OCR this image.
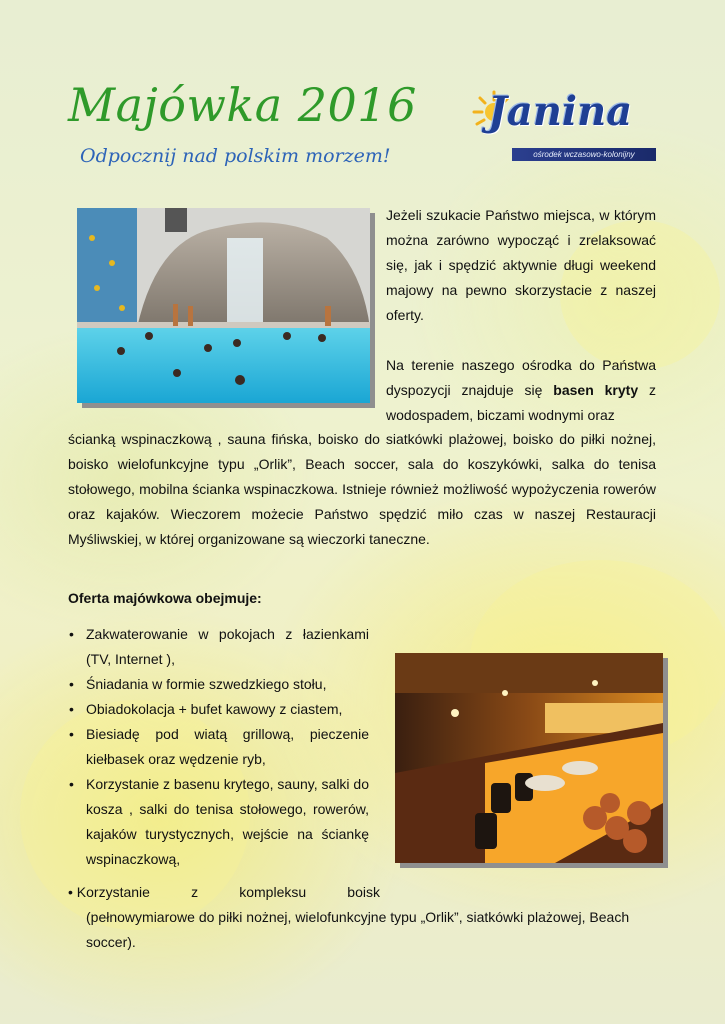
Majówka 2016
Odpocznij nad polskim morzem!
Janina
ośrodek wczasowo-kolonijny
Jeżeli szukacie Państwo miejsca, w którym można zarówno wypocząć i zrelaksować się, jak i spędzić aktywnie długi weekend majowy na pewno skorzystacie z naszej oferty.
Na terenie naszego ośrodka do Państwa dyspozycji znajduje się basen kryty z wodospadem, biczami wodnymi oraz
ścianką wspinaczkową , sauna fińska, boisko do siatkówki plażowej, boisko do piłki nożnej, boisko wielofunkcyjne typu „Orlik”, Beach soccer, sala do koszykówki, salka do tenisa stołowego, mobilna ścianka wspinaczkowa. Istnieje również możliwość wypożyczenia rowerów oraz kajaków. Wieczorem możecie Państwo spędzić miło czas w naszej Restauracji Myśliwskiej, w której organizowane są wieczorki taneczne.
Oferta majówkowa obejmuje:
• Zakwaterowanie w pokojach z łazienkami (TV, Internet ),
• Śniadania w formie szwedzkiego stołu,
• Obiadokolacja + bufet kawowy z ciastem,
• Biesiadę pod wiatą grillową, pieczenie kiełbasek oraz wędzenie ryb,
• Korzystanie z basenu krytego, sauny, salki do kosza , salki do tenisa stołowego, rowerów, kajaków turystycznych, wejście na ściankę wspinaczkową,
• Korzystanie	z	kompleksu	boisk
(pełnowymiarowe do piłki nożnej, wielofunkcyjne typu „Orlik”, siatkówki plażowej, Beach soccer).
